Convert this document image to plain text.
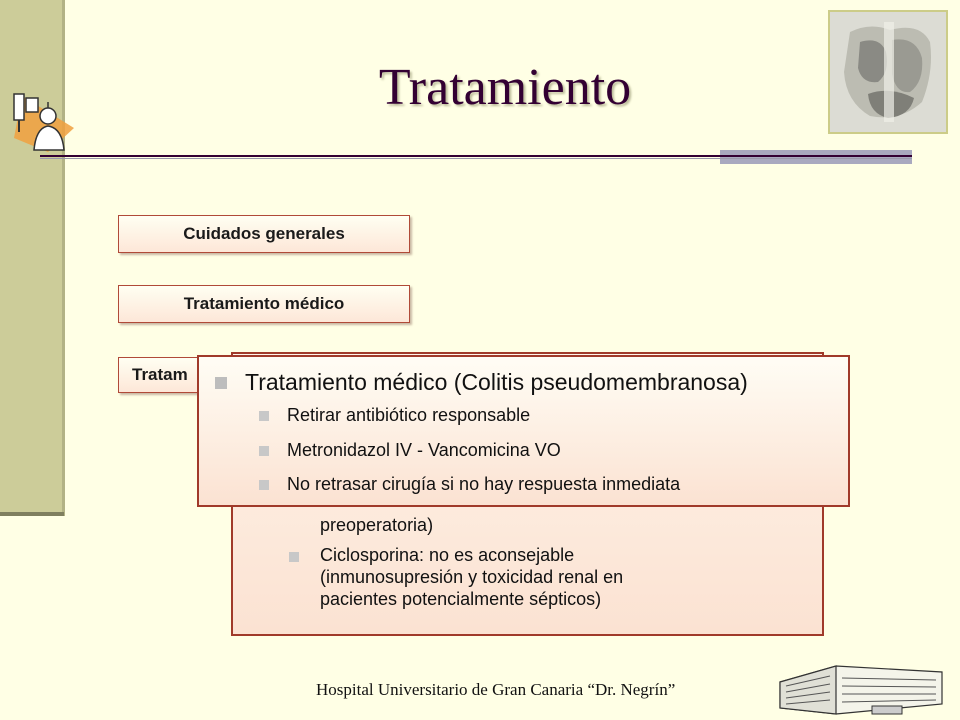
Tratamiento
Cuidados generales
Tratamiento médico
Tratam
preoperatoria)
Ciclosporina: no es aconsejable
(inmunosupresión y toxicidad renal en
pacientes potencialmente sépticos)
Tratamiento médico (Colitis pseudomembranosa)
Retirar antibiótico responsable
Metronidazol IV - Vancomicina VO
No retrasar cirugía si no hay respuesta inmediata
Hospital Universitario de Gran Canaria “Dr. Negrín”
